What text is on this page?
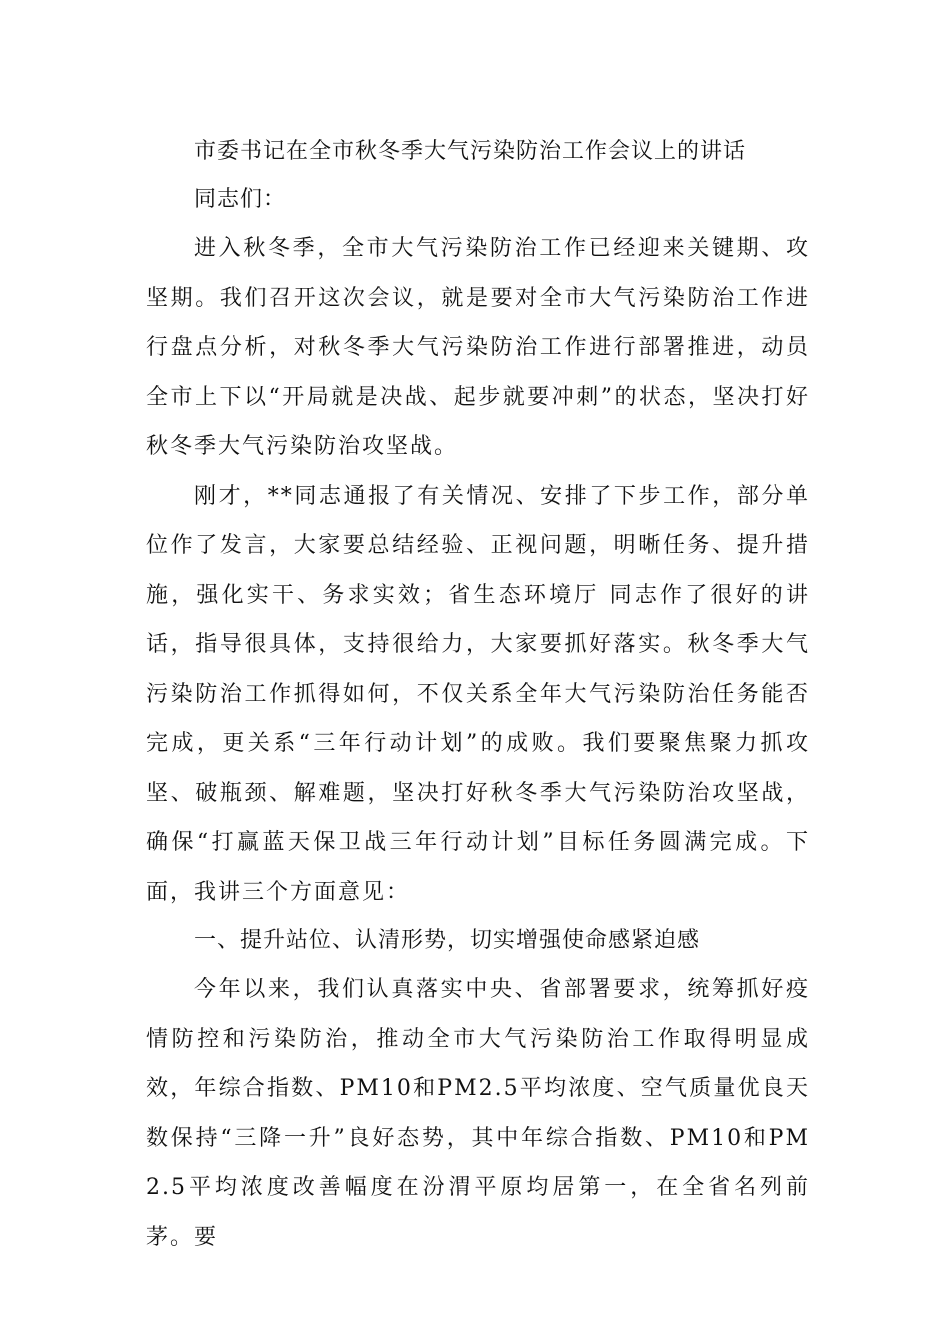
市委书记在全市秋冬季大气污染防治工作会议上的讲话

同志们：

进入秋冬季，全市大气污染防治工作已经迎来关键期、攻坚期。我们召开这次会议，就是要对全市大气污染防治工作进行盘点分析，对秋冬季大气污染防治工作进行部署推进，动员全市上下以“开局就是决战、起步就要冲刺”的状态，坚决打好秋冬季大气污染防治攻坚战。

刚才，**同志通报了有关情况、安排了下步工作，部分单位作了发言，大家要总结经验、正视问题，明晰任务、提升措施，强化实干、务求实效；省生态环境厅 同志作了很好的讲话，指导很具体，支持很给力，大家要抓好落实。秋冬季大气污染防治工作抓得如何，不仅关系全年大气污染防治任务能否完成，更关系“三年行动计划”的成败。我们要聚焦聚力抓攻坚、破瓶颈、解难题，坚决打好秋冬季大气污染防治攻坚战，确保“打赢蓝天保卫战三年行动计划”目标任务圆满完成。下面，我讲三个方面意见：

一、提升站位、认清形势，切实增强使命感紧迫感

今年以来，我们认真落实中央、省部署要求，统筹抓好疫情防控和污染防治，推动全市大气污染防治工作取得明显成效，年综合指数、PM10和PM2.5平均浓度、空气质量优良天数保持“三降一升”良好态势，其中年综合指数、PM10和PM2.5平均浓度改善幅度在汾渭平原均居第一，在全省名列前茅。要
